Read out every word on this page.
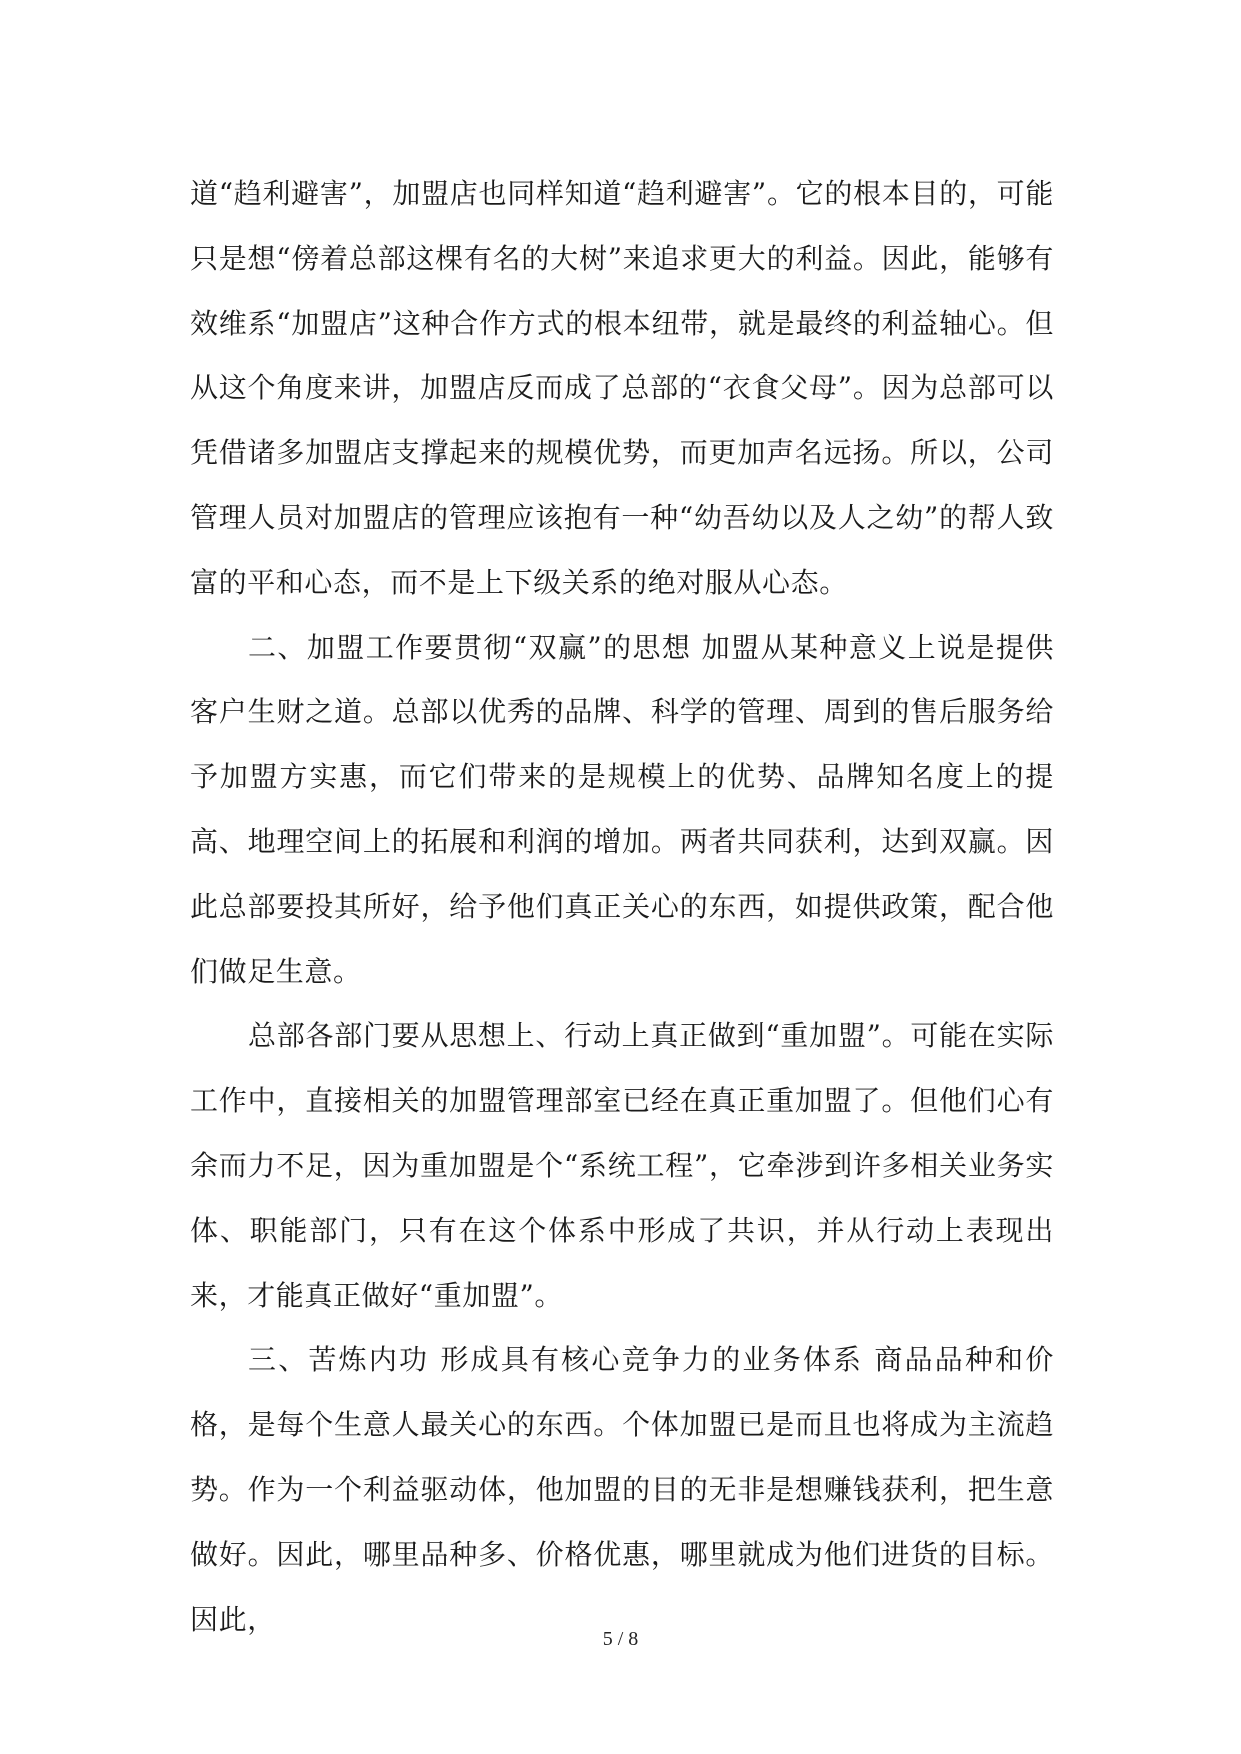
道“趋利避害”，加盟店也同样知道“趋利避害”。它的根本目的，可能只是想“傍着总部这棵有名的大树”来追求更大的利益。因此，能够有效维系“加盟店”这种合作方式的根本纽带，就是最终的利益轴心。但从这个角度来讲，加盟店反而成了总部的“衣食父母”。因为总部可以凭借诸多加盟店支撑起来的规模优势，而更加声名远扬。所以，公司管理人员对加盟店的管理应该抱有一种“幼吾幼以及人之幼”的帮人致富的平和心态，而不是上下级关系的绝对服从心态。

二、加盟工作要贯彻“双赢”的思想 加盟从某种意义上说是提供客户生财之道。总部以优秀的品牌、科学的管理、周到的售后服务给予加盟方实惠，而它们带来的是规模上的优势、品牌知名度上的提高、地理空间上的拓展和利润的增加。两者共同获利，达到双赢。因此总部要投其所好，给予他们真正关心的东西，如提供政策，配合他们做足生意。

总部各部门要从思想上、行动上真正做到“重加盟”。可能在实际工作中，直接相关的加盟管理部室已经在真正重加盟了。但他们心有余而力不足，因为重加盟是个“系统工程”，它牵涉到许多相关业务实体、职能部门，只有在这个体系中形成了共识，并从行动上表现出来，才能真正做好“重加盟”。

三、苦炼内功 形成具有核心竞争力的业务体系 商品品种和价格，是每个生意人最关心的东西。个体加盟已是而且也将成为主流趋势。作为一个利益驱动体，他加盟的目的无非是想赚钱获利，把生意做好。因此，哪里品种多、价格优惠，哪里就成为他们进货的目标。因此，

5 / 8
